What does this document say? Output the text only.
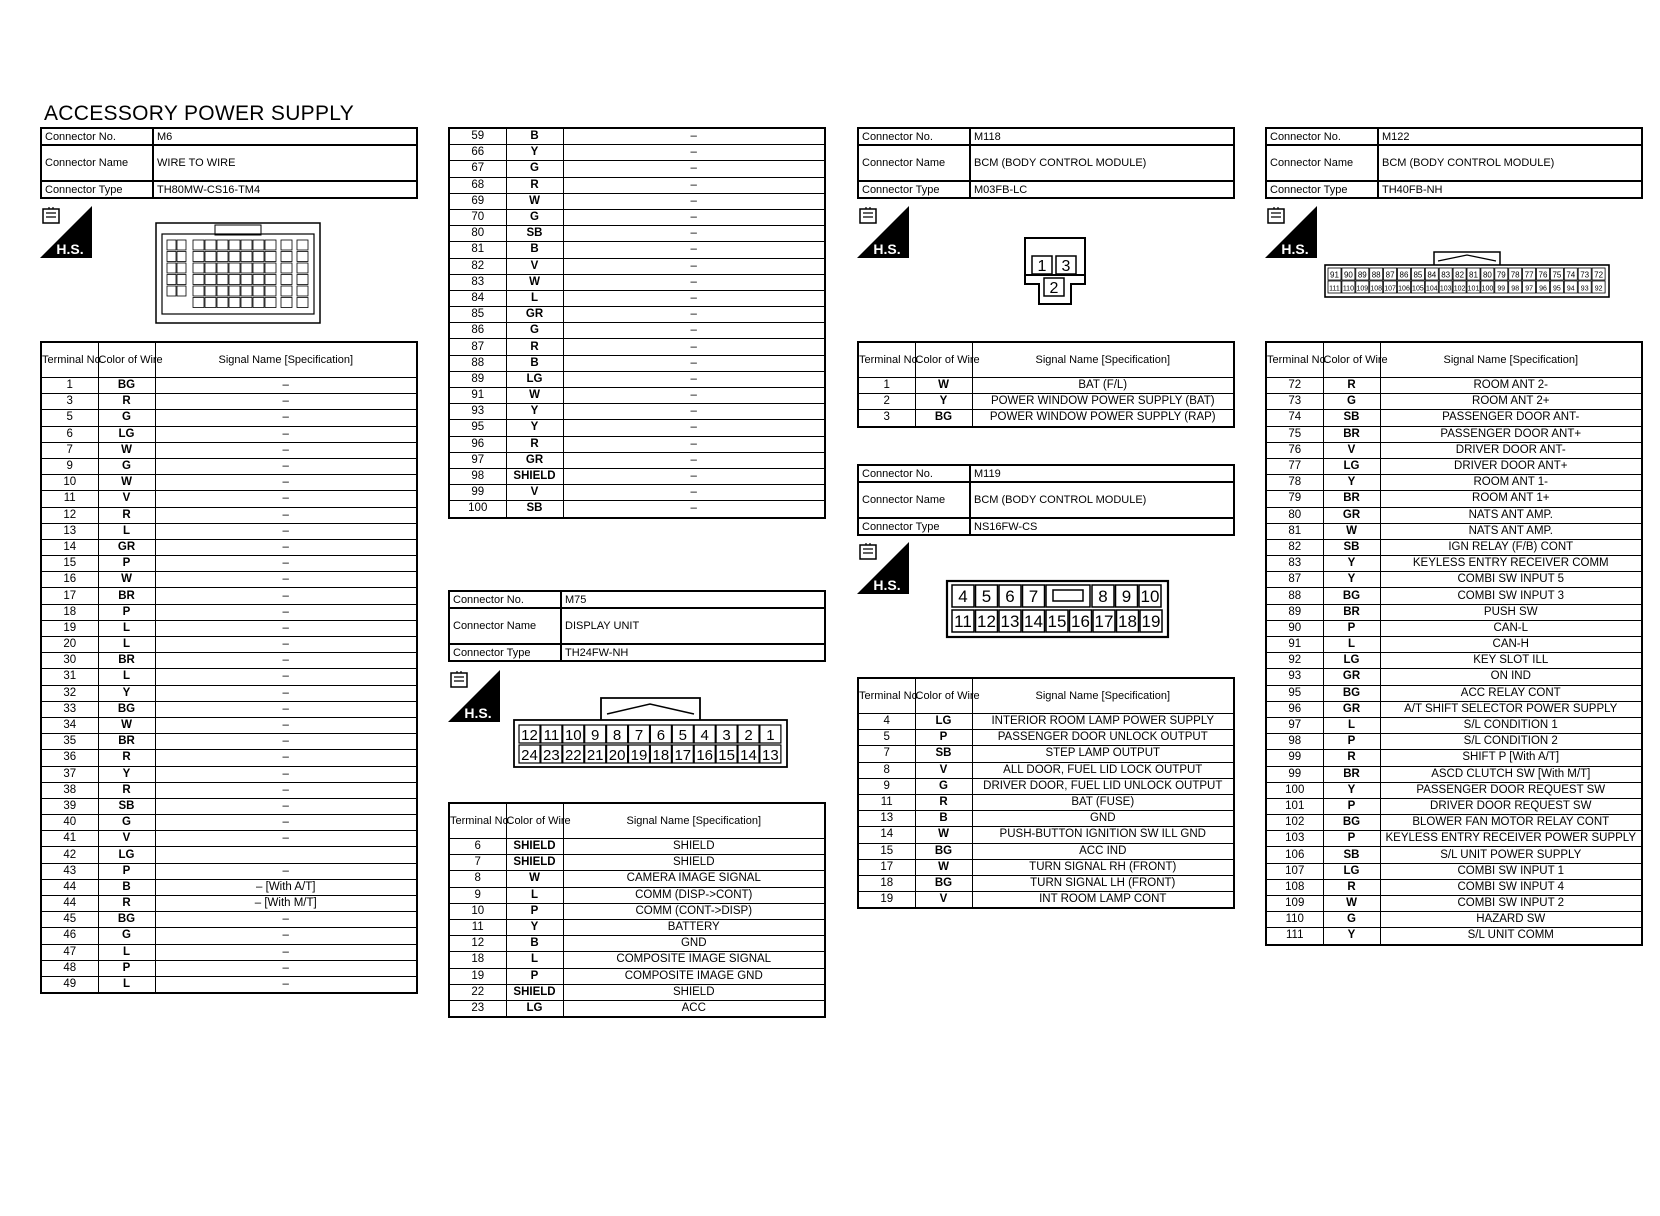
ACCESSORY POWER SUPPLY
Connector No.	M6
Connector Name	WIRE TO WIRE
Connector Type	TH80MW-CS16-TM4
H.S.
Terminal No.	Color of Wire	Signal Name [Specification]
1	BG	–
3	R	–
5	G	–
6	LG	–
7	W	–
9	G	–
10	W	–
11	V	–
12	R	–
13	L	–
14	GR	–
15	P	–
16	W	–
17	BR	–
18	P	–
19	L	–
20	L	–
30	BR	–
31	L	–
32	Y	–
33	BG	–
34	W	–
35	BR	–
36	R	–
37	Y	–
38	R	–
39	SB	–
40	G	–
41	V	–
42	LG	
43	P	–
44	B	– [With A/T]
44	R	– [With M/T]
45	BG	–
46	G	–
47	L	–
48	P	–
49	L	–
59	B	–
66	Y	–
67	G	–
68	R	–
69	W	–
70	G	–
80	SB	–
81	B	–
82	V	–
83	W	–
84	L	–
85	GR	–
86	G	–
87	R	–
88	B	–
89	LG	–
91	W	–
93	Y	–
95	Y	–
96	R	–
97	GR	–
98	SHIELD	–
99	V	–
100	SB	–
Connector No.	M75
Connector Name	DISPLAY UNIT
Connector Type	TH24FW-NH
H.S.
12
24
11
23
10
22
9
21
8
20
7
19
6
18
5
17
4
16
3
15
2
14
1
13
Terminal No.	Color of Wire	Signal Name [Specification]
6	SHIELD	SHIELD
7	SHIELD	SHIELD
8	W	CAMERA IMAGE SIGNAL
9	L	COMM (DISP->CONT)
10	P	COMM (CONT->DISP)
11	Y	BATTERY
12	B	GND
18	L	COMPOSITE IMAGE SIGNAL
19	P	COMPOSITE IMAGE GND
22	SHIELD	SHIELD
23	LG	ACC
Connector No.	M118
Connector Name	BCM (BODY CONTROL MODULE)
Connector Type	M03FB-LC
H.S.
1 3
2
Terminal No.	Color of Wire	Signal Name [Specification]
1	W	BAT (F/L)
2	Y	POWER WINDOW POWER SUPPLY (BAT)
3	BG	POWER WINDOW POWER SUPPLY (RAP)
Connector No.	M119
Connector Name	BCM (BODY CONTROL MODULE)
Connector Type	NS16FW-CS
H.S.
4 5 6 7	8 9 10
11 12 13 14 15 16 17 18 19
Terminal No.	Color of Wire	Signal Name [Specification]
4	LG	INTERIOR ROOM LAMP POWER SUPPLY
5	P	PASSENGER DOOR UNLOCK OUTPUT
7	SB	STEP LAMP OUTPUT
8	V	ALL DOOR, FUEL LID LOCK OUTPUT
9	G	DRIVER DOOR, FUEL LID UNLOCK OUTPUT
11	R	BAT (FUSE)
13	B	GND
14	W	PUSH-BUTTON IGNITION SW ILL GND
15	BG	ACC IND
17	W	TURN SIGNAL RH (FRONT)
18	BG	TURN SIGNAL LH (FRONT)
19	V	INT ROOM LAMP CONT
Connector No.	M122
Connector Name	BCM (BODY CONTROL MODULE)
Connector Type	TH40FB-NH
H.S.
91
111
90
110
89
109
88
108
87
107
86
106
85
105
84
104
83
103
82
102
81
101
80
100
79
99
78
98
77
97
76
96
75
95
74
94
73
93
72
92
Terminal No.	Color of Wire	Signal Name [Specification]
72	R	ROOM ANT 2-
73	G	ROOM ANT 2+
74	SB	PASSENGER DOOR ANT-
75	BR	PASSENGER DOOR ANT+
76	V	DRIVER DOOR ANT-
77	LG	DRIVER DOOR ANT+
78	Y	ROOM ANT 1-
79	BR	ROOM ANT 1+
80	GR	NATS ANT AMP.
81	W	NATS ANT AMP.
82	SB	IGN RELAY (F/B) CONT
83	Y	KEYLESS ENTRY RECEIVER COMM
87	Y	COMBI SW INPUT 5
88	BG	COMBI SW INPUT 3
89	BR	PUSH SW
90	P	CAN-L
91	L	CAN-H
92	LG	KEY SLOT ILL
93	GR	ON IND
95	BG	ACC RELAY CONT
96	GR	A/T SHIFT SELECTOR POWER SUPPLY
97	L	S/L CONDITION 1
98	P	S/L CONDITION 2
99	R	SHIFT P [With A/T]
99	BR	ASCD CLUTCH SW [With M/T]
100	Y	PASSENGER DOOR REQUEST SW
101	P	DRIVER DOOR REQUEST SW
102	BG	BLOWER FAN MOTOR RELAY CONT
103	P	KEYLESS ENTRY RECEIVER POWER SUPPLY
106	SB	S/L UNIT POWER SUPPLY
107	LG	COMBI SW INPUT 1
108	R	COMBI SW INPUT 4
109	W	COMBI SW INPUT 2
110	G	HAZARD SW
111	Y	S/L UNIT COMM
